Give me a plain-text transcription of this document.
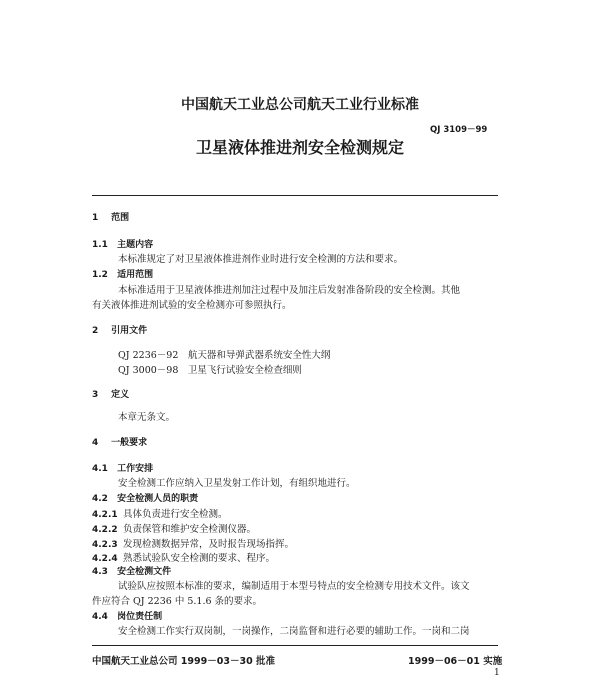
中国航天工业总公司航天工业行业标准
QJ 3109－99
卫星液体推进剂安全检测规定
1 范围
1.1 主题内容
本标准规定了对卫星液体推进剂作业时进行安全检测的方法和要求。
1.2 适用范围
本标准适用于卫星液体推进剂加注过程中及加注后发射准备阶段的安全检测。其他
有关液体推进剂试验的安全检测亦可参照执行。
2 引用文件
QJ 2236－92　航天器和导弹武器系统安全性大纲
QJ 3000－98　卫星飞行试验安全检查细则
3 定义
本章无条文。
4 一般要求
4.1 工作安排
安全检测工作应纳入卫星发射工作计划，有组织地进行。
4.2 安全检测人员的职责
4.2.1 具体负责进行安全检测。
4.2.2 负责保管和维护安全检测仪器。
4.2.3 发现检测数据异常，及时报告现场指挥。
4.2.4 熟悉试验队安全检测的要求、程序。
4.3 安全检测文件
试验队应按照本标准的要求，编制适用于本型号特点的安全检测专用技术文件。该文
件应符合 QJ 2236 中 5.1.6 条的要求。
4.4 岗位责任制
安全检测工作实行双岗制，一岗操作，二岗监督和进行必要的辅助工作。一岗和二岗
中国航天工业总公司 1999－03－30 批准	1999－06－01 实施
1
